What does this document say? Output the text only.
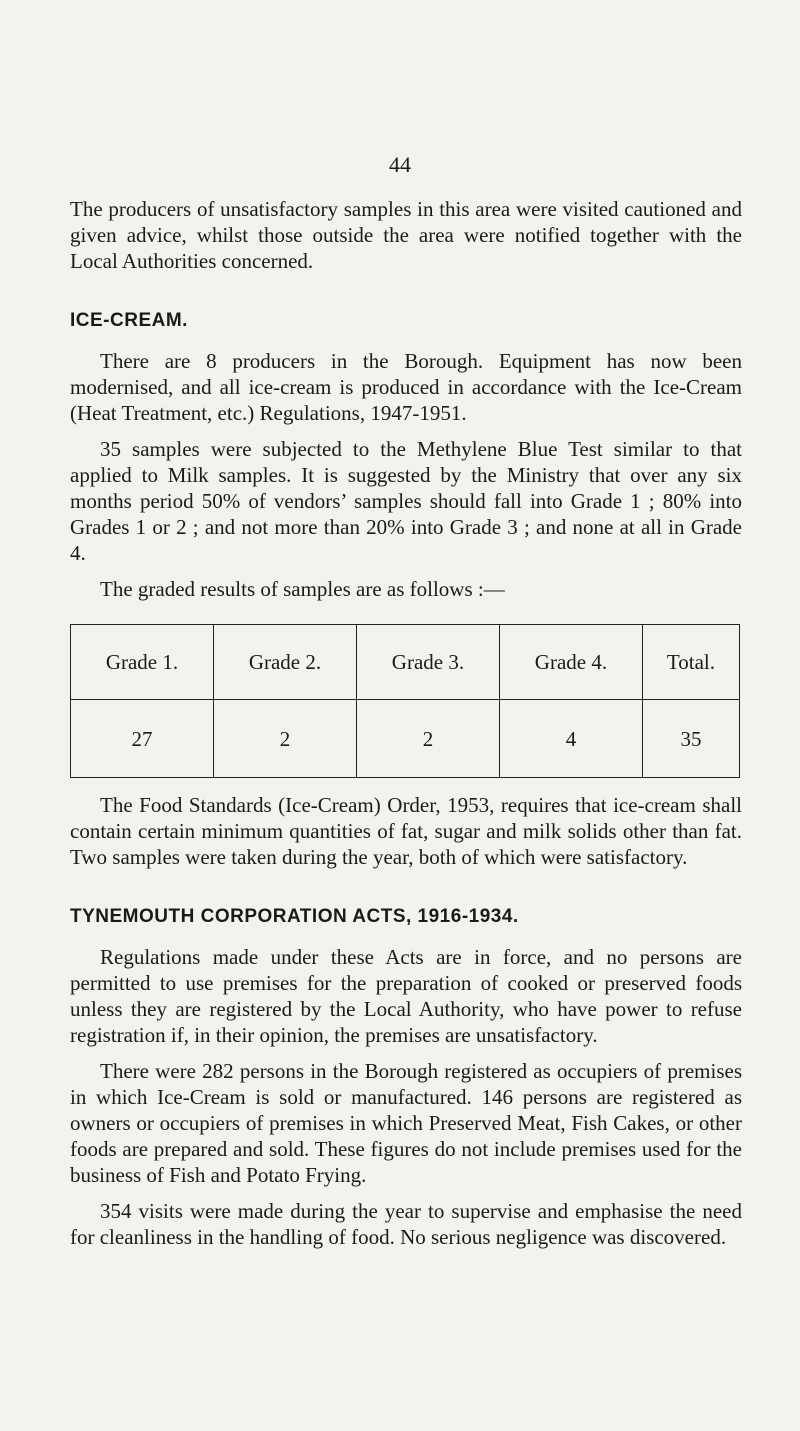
44

The producers of unsatisfactory samples in this area were visited cautioned and given advice, whilst those outside the area were notified together with the Local Authorities concerned.

ICE-CREAM.

There are 8 producers in the Borough. Equipment has now been modernised, and all ice-cream is produced in accordance with the Ice-Cream (Heat Treatment, etc.) Regulations, 1947-1951.

35 samples were subjected to the Methylene Blue Test similar to that applied to Milk samples. It is suggested by the Ministry that over any six months period 50% of vendors’ samples should fall into Grade 1 ; 80% into Grades 1 or 2 ; and not more than 20% into Grade 3 ; and none at all in Grade 4.

The graded results of samples are as follows :—

Grade 1.	Grade 2.	Grade 3.	Grade 4.	Total.
27	2	2	4	35

The Food Standards (Ice-Cream) Order, 1953, requires that ice-cream shall contain certain minimum quantities of fat, sugar and milk solids other than fat. Two samples were taken during the year, both of which were satisfactory.

TYNEMOUTH CORPORATION ACTS, 1916-1934.

Regulations made under these Acts are in force, and no persons are permitted to use premises for the preparation of cooked or preserved foods unless they are registered by the Local Authority, who have power to refuse registration if, in their opinion, the premises are unsatisfactory.

There were 282 persons in the Borough registered as occupiers of premises in which Ice-Cream is sold or manufactured. 146 persons are registered as owners or occupiers of premises in which Preserved Meat, Fish Cakes, or other foods are prepared and sold. These figures do not include premises used for the business of Fish and Potato Frying.

354 visits were made during the year to supervise and emphasise the need for cleanliness in the handling of food. No serious negligence was discovered.
